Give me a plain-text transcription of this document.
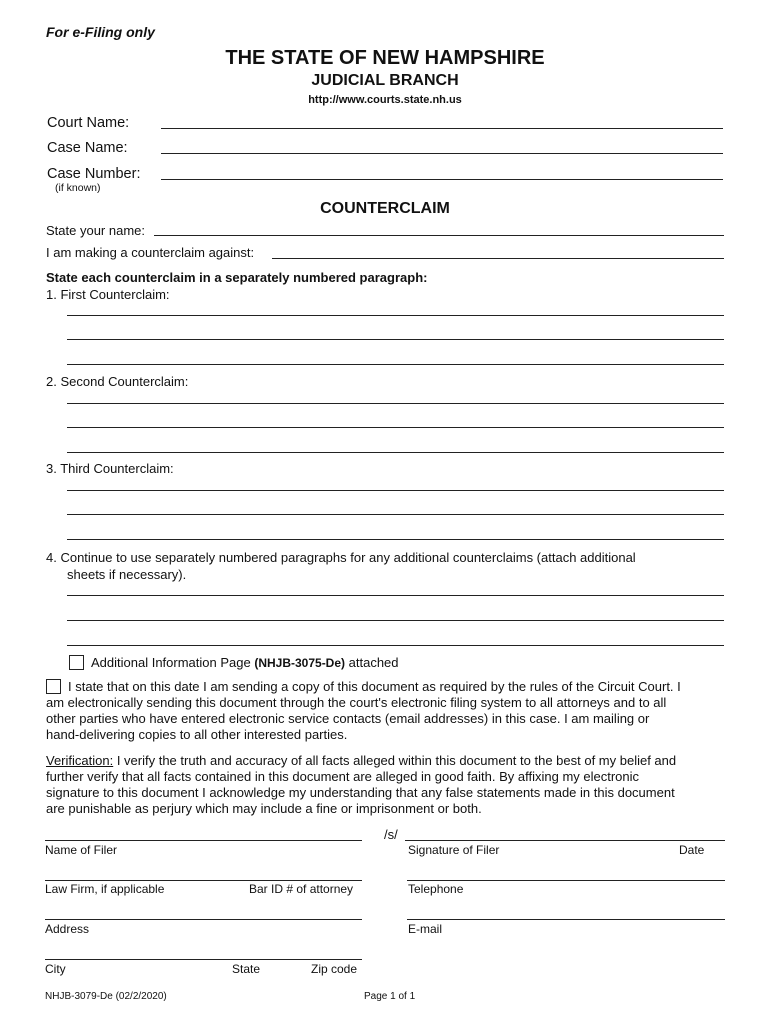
For e-Filing only
THE STATE OF NEW HAMPSHIRE
JUDICIAL BRANCH
http://www.courts.state.nh.us
Court Name:
Case Name:
Case Number:
(if known)
COUNTERCLAIM
State your name:
I am making a counterclaim against:
State each counterclaim in a separately numbered paragraph:
1. First Counterclaim:
2. Second Counterclaim:
3. Third Counterclaim:
4. Continue to use separately numbered paragraphs for any additional counterclaims (attach additional
sheets if necessary).
Additional Information Page (NHJB-3075-De) attached
I state that on this date I am sending a copy of this document as required by the rules of the Circuit Court. I
am electronically sending this document through the court's electronic filing system to all attorneys and to all
other parties who have entered electronic service contacts (email addresses) in this case. I am mailing or
hand-delivering copies to all other interested parties.
Verification: I verify the truth and accuracy of all facts alleged within this document to the best of my belief and
further verify that all facts contained in this document are alleged in good faith. By affixing my electronic
signature to this document I acknowledge my understanding that any false statements made in this document
are punishable as perjury which may include a fine or imprisonment or both.
/s/
Name of Filer	Signature of Filer	Date
Law Firm, if applicable	Bar ID # of attorney	Telephone
Address	E-mail
City	State	Zip code
NHJB-3079-De (02/2/2020)	Page 1 of 1
